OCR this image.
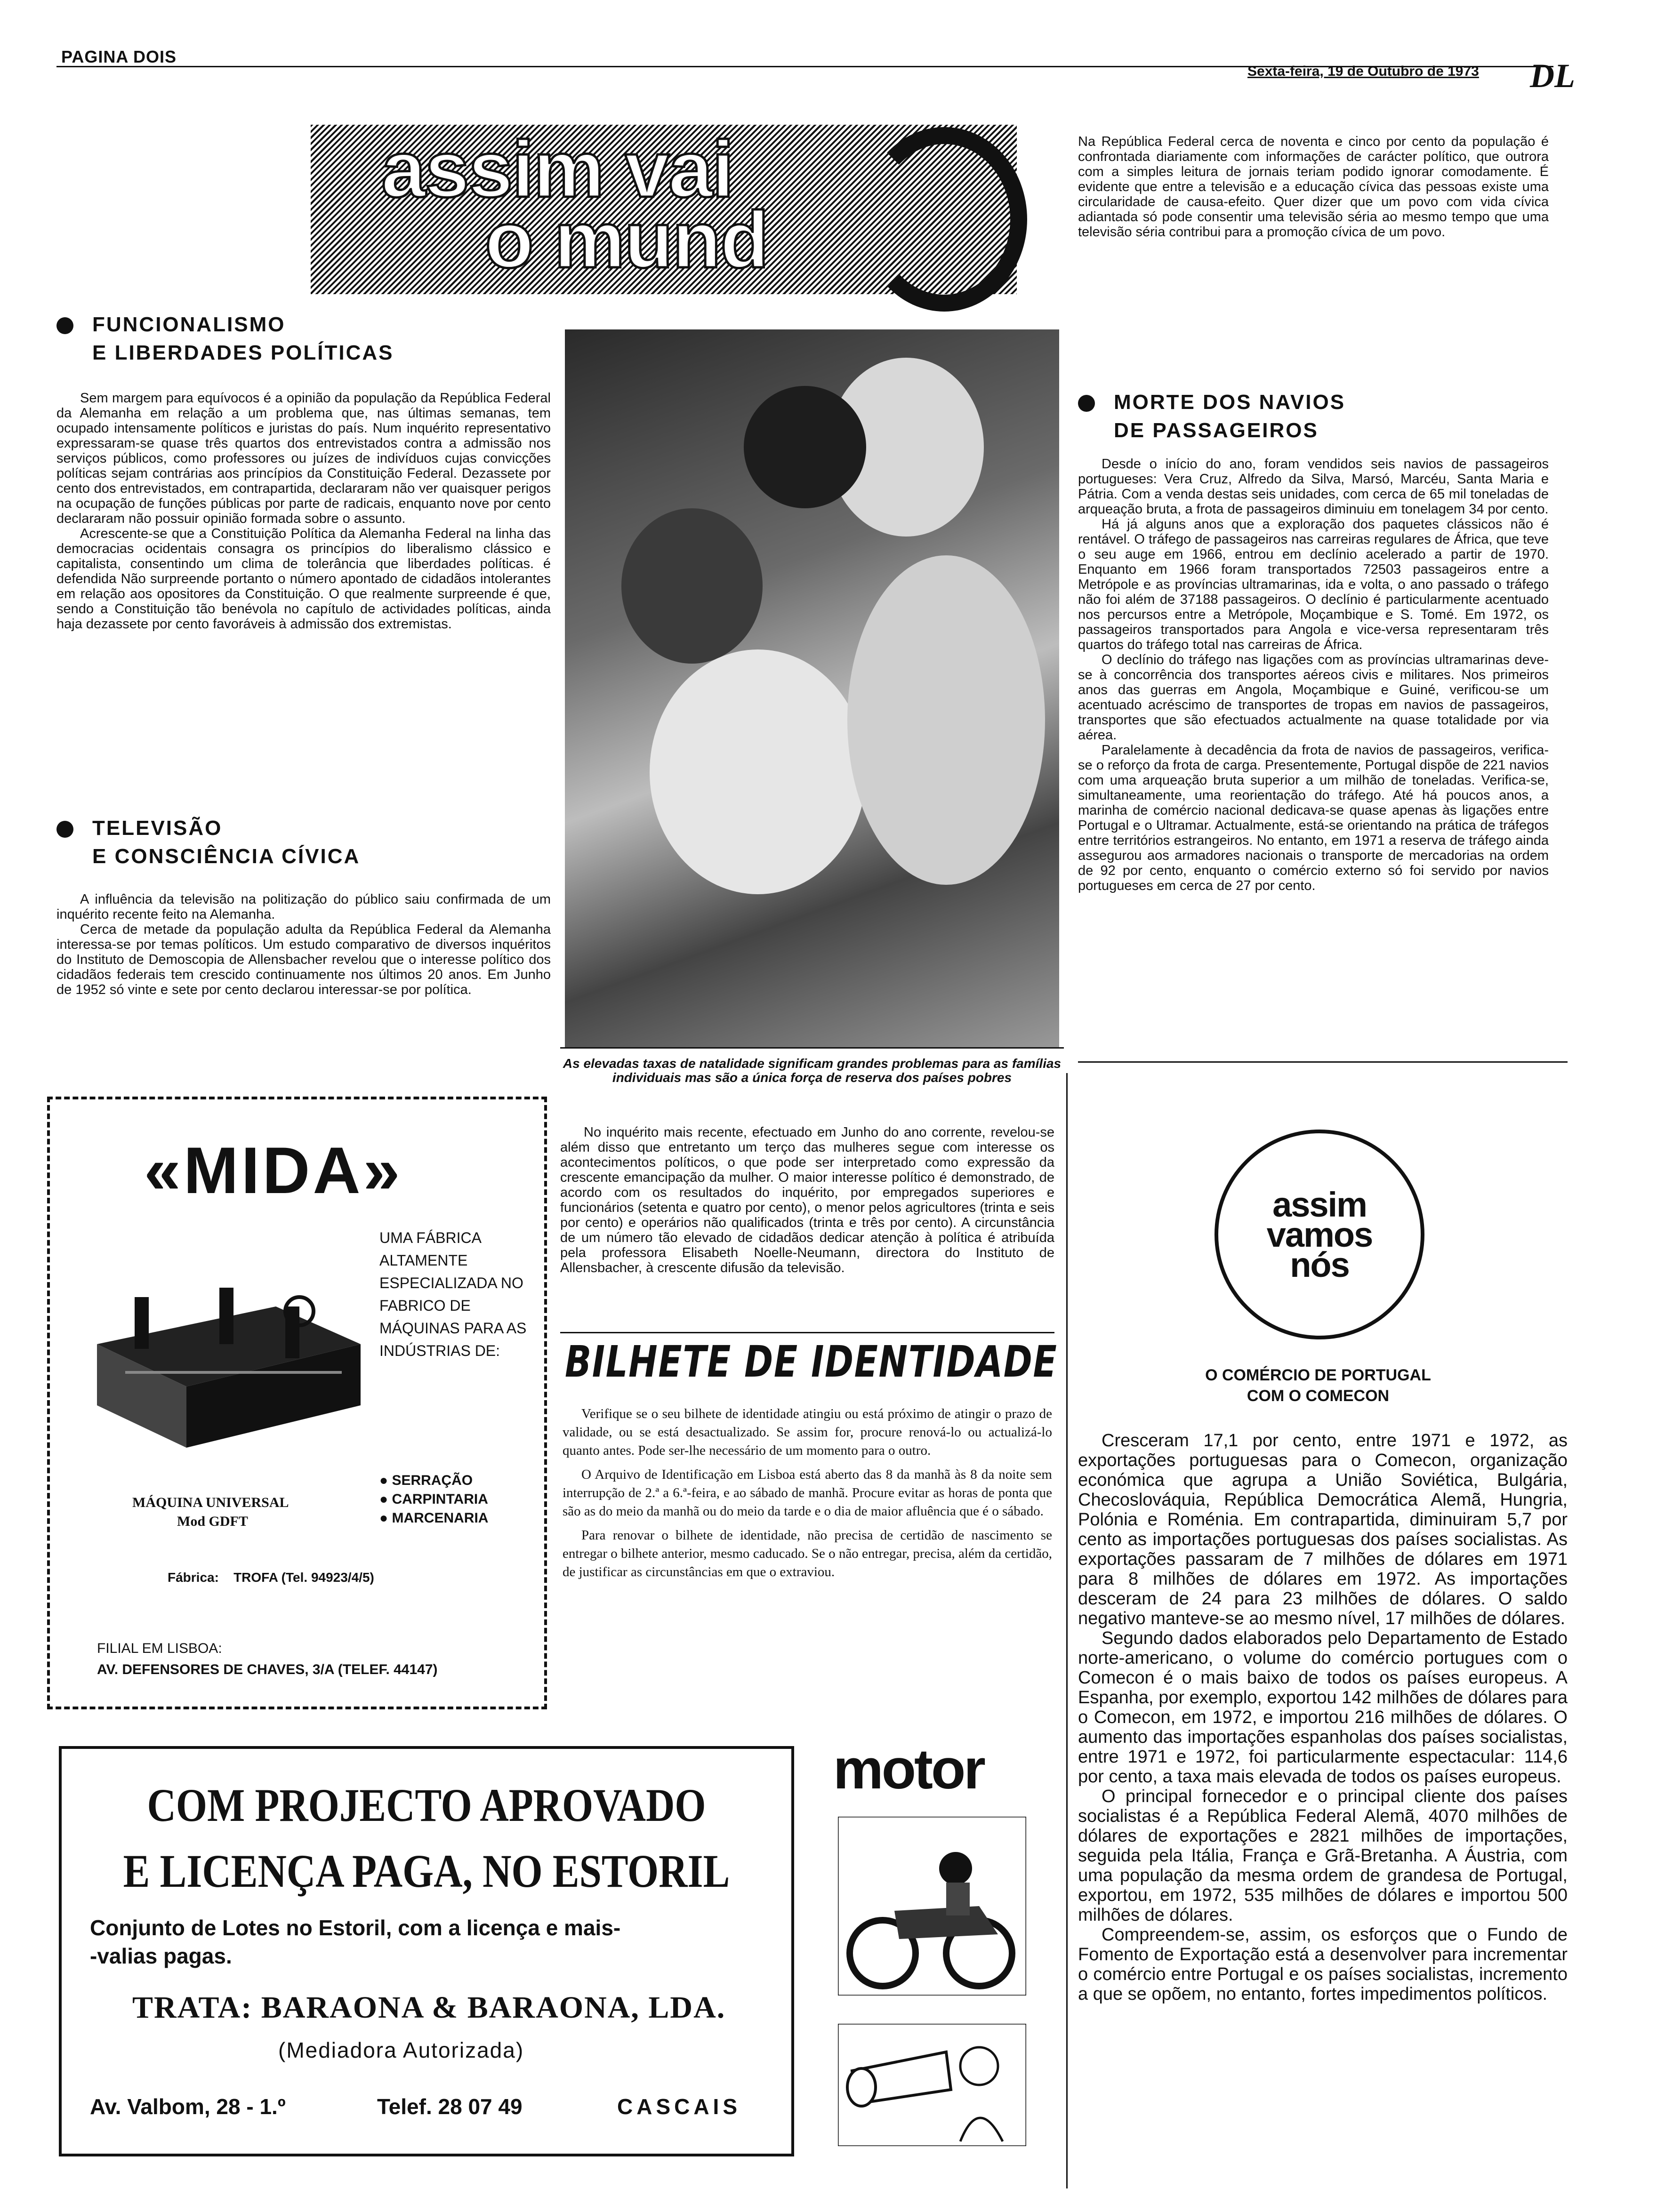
PAGINA DOIS
Sexta-feira, 19 de Outubro de 1973 DL
assim vai
o mund

Na República Federal cerca de noventa e cinco por cento da população é confrontada diariamente com informações de carácter político, que outrora com a simples leitura de jornais teriam podido ignorar comodamente. É evidente que entre a televisão e a educação cívica das pessoas existe uma circularidade de causa-efeito. Quer dizer que um povo com vida cívica adiantada só pode consentir uma televisão séria ao mesmo tempo que uma televisão séria contribui para a promoção cívica de um povo.

FUNCIONALISMO
E LIBERDADES POLÍTICAS

Sem margem para equívocos é a opinião da população da República Federal da Alemanha em relação a um problema que, nas últimas semanas, tem ocupado intensamente políticos e juristas do país. Num inquérito representativo expressaram-se quase três quartos dos entrevistados contra a admissão nos serviços públicos, como professores ou juízes de indivíduos cujas convicções políticas sejam contrárias aos princípios da Constituição Federal. Dezassete por cento dos entrevistados, em contrapartida, declararam não ver quaisquer perigos na ocupação de funções públicas por parte de radicais, enquanto nove por cento declararam não possuir opinião formada sobre o assunto.

Acrescente-se que a Constituição Política da Alemanha Federal na linha das democracias ocidentais consagra os princípios do liberalismo clássico e capitalista, consentindo um clima de tolerância que liberdades políticas. é defendida Não surpreende portanto o número apontado de cidadãos intolerantes em relação aos opositores da Constituição. O que realmente surpreende é que, sendo a Constituição tão benévola no capítulo de actividades políticas, ainda haja dezassete por cento favoráveis à admissão dos extremistas.

TELEVISÃO
E CONSCIÊNCIA CÍVICA

A influência da televisão na politização do público saiu confirmada de um inquérito recente feito na Alemanha.

Cerca de metade da população adulta da República Federal da Alemanha interessa-se por temas políticos. Um estudo comparativo de diversos inquéritos do Instituto de Demoscopia de Allensbacher revelou que o interesse político dos cidadãos federais tem crescido continuamente nos últimos 20 anos. Em Junho de 1952 só vinte e sete por cento declarou interessar-se por política.

As elevadas taxas de natalidade significam grandes problemas para as famílias individuais mas são a única força de reserva dos países pobres

No inquérito mais recente, efectuado em Junho do ano corrente, revelou-se além disso que entretanto um terço das mulheres segue com interesse os acontecimentos políticos, o que pode ser interpretado como expressão da crescente emancipação da mulher. O maior interesse político é demonstrado, de acordo com os resultados do inquérito, por empregados superiores e funcionários (setenta e quatro por cento), o menor pelos agricultores (trinta e seis por cento) e operários não qualificados (trinta e três por cento). A circunstância de um número tão elevado de cidadãos dedicar atenção à política é atribuída pela professora Elisabeth Noelle-Neumann, directora do Instituto de Allensbacher, à crescente difusão da televisão.

MORTE DOS NAVIOS
DE PASSAGEIROS

Desde o início do ano, foram vendidos seis navios de passageiros portugueses: Vera Cruz, Alfredo da Silva, Marsó, Marcéu, Santa Maria e Pátria. Com a venda destas seis unidades, com cerca de 65 mil toneladas de arqueação bruta, a frota de passageiros diminuiu em tonelagem 34 por cento.

Há já alguns anos que a exploração dos paquetes clássicos não é rentável. O tráfego de passageiros nas carreiras regulares de África, que teve o seu auge em 1966, entrou em declínio acelerado a partir de 1970. Enquanto em 1966 foram transportados 72503 passageiros entre a Metrópole e as províncias ultramarinas, ida e volta, o ano passado o tráfego não foi além de 37188 passageiros. O declínio é particularmente acentuado nos percursos entre a Metrópole, Moçambique e S. Tomé. Em 1972, os passageiros transportados para Angola e vice-versa representaram três quartos do tráfego total nas carreiras de África.

O declínio do tráfego nas ligações com as províncias ultramarinas deve-se à concorrência dos transportes aéreos civis e militares. Nos primeiros anos das guerras em Angola, Moçambique e Guiné, verificou-se um acentuado acréscimo de transportes de tropas em navios de passageiros, transportes que são efectuados actualmente na quase totalidade por via aérea.

Paralelamente à decadência da frota de navios de passageiros, verifica-se o reforço da frota de carga. Presentemente, Portugal dispõe de 221 navios com uma arqueação bruta superior a um milhão de toneladas. Verifica-se, simultaneamente, uma reorientação do tráfego. Até há poucos anos, a marinha de comércio nacional dedicava-se quase apenas às ligações entre Portugal e o Ultramar. Actualmente, está-se orientando na prática de tráfegos entre territórios estrangeiros. No entanto, em 1971 a reserva de tráfego ainda assegurou aos armadores nacionais o transporte de mercadorias na ordem de 92 por cento, enquanto o comércio externo só foi servido por navios portugueses em cerca de 27 por cento.

«MIDA»
UMA FÁBRICA ALTAMENTE ESPECIALIZADA NO FABRICO DE MÁQUINAS PARA AS INDÚSTRIAS DE:
● SERRAÇÃO
● CARPINTARIA
● MARCENARIA
MÁQUINA UNIVERSAL
Mod GDFT
Fábrica: TROFA (Tel. 94923/4/5)
FILIAL EM LISBOA:
AV. DEFENSORES DE CHAVES, 3/A (TELEF. 44147)
BILHETE DE IDENTIDADE

Verifique se o seu bilhete de identidade atingiu ou está próximo de atingir o prazo de validade, ou se está desactualizado. Se assim for, procure renová-lo ou actualizá-lo quanto antes. Pode ser-lhe necessário de um momento para o outro.

O Arquivo de Identificação em Lisboa está aberto das 8 da manhã às 8 da noite sem interrupção de 2.ª a 6.ª-feira, e ao sábado de manhã. Procure evitar as horas de ponta que são as do meio da manhã ou do meio da tarde e o dia de maior afluência que é o sábado.

Para renovar o bilhete de identidade, não precisa de certidão de nascimento se entregar o bilhete anterior, mesmo caducado. Se o não entregar, precisa, além da certidão, de justificar as circunstâncias em que o extraviou.

COM PROJECTO APROVADO
E LICENÇA PAGA, NO ESTORIL
Conjunto de Lotes no Estoril, com a licença e mais-
-valias pagas.
TRATA: BARAONA & BARAONA, LDA.
(Mediadora Autorizada)
Av. Valbom, 28 - 1.º	Telef. 28 07 49	CASCAIS
motor
assim
vamos
nós
O COMÉRCIO DE PORTUGAL
COM O COMECON

Cresceram 17,1 por cento, entre 1971 e 1972, as exportações portuguesas para o Comecon, organização económica que agrupa a União Soviética, Bulgária, Checoslováquia, República Democrática Alemã, Hungria, Polónia e Roménia. Em contrapartida, diminuiram 5,7 por cento as importações portuguesas dos países socialistas. As exportações passaram de 7 milhões de dólares em 1971 para 8 milhões de dólares em 1972. As importações desceram de 24 para 23 milhões de dólares. O saldo negativo manteve-se ao mesmo nível, 17 milhões de dólares.

Segundo dados elaborados pelo Departamento de Estado norte-americano, o volume do comércio portugues com o Comecon é o mais baixo de todos os países europeus. A Espanha, por exemplo, exportou 142 milhões de dólares para o Comecon, em 1972, e importou 216 milhões de dólares. O aumento das importações espanholas dos países socialistas, entre 1971 e 1972, foi particularmente espectacular: 114,6 por cento, a taxa mais elevada de todos os países europeus.

O principal fornecedor e o principal cliente dos países socialistas é a República Federal Alemã, 4070 milhões de dólares de exportações e 2821 milhões de importações, seguida pela Itália, França e Grã-Bretanha. A Áustria, com uma população da mesma ordem de grandesa de Portugal, exportou, em 1972, 535 milhões de dólares e importou 500 milhões de dólares.

Compreendem-se, assim, os esforços que o Fundo de Fomento de Exportação está a desenvolver para incrementar o comércio entre Portugal e os países socialistas, incremento a que se opõem, no entanto, fortes impedimentos políticos.
